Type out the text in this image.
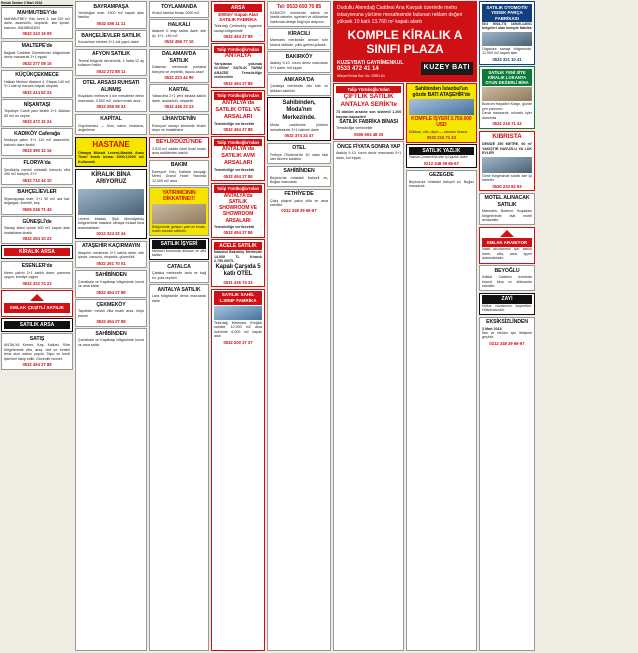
Emlak İlanları 3 Mart 2018
MAHMUTBEY'de
MAHMUTBEY Yolu üzeri 3. kat 120 m2 daire, asansörlü, otoparklı, site içinde, bakımlı. SAHİBİNDEN
0532 243 19 09
MALTEPE'de
Bağdat Caddesi Zümrütevler bölgesinde deniz manzaralı 3+1 eşyalı
0532 277 08 15
KÜÇÜKÇEKMECE
Halkalı Merkez Atakent 4. Etapta 140 m2 3+1 site içi havuzlu kapalı otopark
0532 414 62 24
NİŞANTAŞI
Teşvikiye Camii yanı kiralık 2+1 dükkan 55 m2 ön cephe
0533 472 32 24
KADIKÖY Caferağa
Moda'ya yakın 3+1 110 m2 asansörlü, bakımlı daire kiralık
0533 390 12 16
FLORYA'da
Şenlikköy mevkii müstakil havuzlu villa 450 m2 bahçeli, 5+2
0532 712 44 10
BAHÇELİEVLER
Siyavuşpaşa mah. 2+1 90 m2 ara kat, doğalgaz, kombili, boş
0505 246 71 45
GÜNEŞLİ'de
Sanayi sitesi içinde 600 m2 kapalı alan imalathane kiralık
0532 264 10 22
KİRALIK ARSA
ESENLER'de
Metro yakını 2+1 satılık daire, yatırıma uygun, krediye uygun
0532 322 74 22
EMLAK ÇEŞİTLİ SATILIK
SATILIK ARSA
SATIŞ
ANTALYA Kemer, Kaş, Kalkan, Side bölgelerinde villa, arsa, otel ve turistik tesis alım satımı yapılır. Tapu ve kredi işlemleri takip edilir. Güvenilir hizmet.
0532 494 27 88
BAYRAMPAŞA
Yenidoğan mah. 1500 m2 kapalı alan fabrika
0532 456 11 11
BAHÇELİEVLER SATILIK
Kocasinan merkez 3+1 full yapılı daire
AFYON SATILIK
Termal bölgede devremülk, 1 hafta 12 ay kullanım hakkı
0532 272 88 11
OTEL ARSASI RUHSATI ALINMIŞ
Kuşadası merkeze 4 km mesafede deniz manzaralı, 3.500 m2, turizm imarlı arsa
0533 266 08 33
KAPİTAL
Gayrimenkul — Alım, satım, kiralama, değerleme
HASTANE
Olmaya Müsait Levent-Maslak Arası Ticari İmarlı binası 6000-12000 m2 Kullanımlı
KİRALIK BİNA ARIYORUZ
Levent, Maslak, Şişli, Mecidiyeköy bölgelerinde hastane olmaya müsait bina aranmaktadır.
0212 324 22 44
ATAŞEHİR KAÇIRMAYIN
Ataşehir merkezde 2+1 satılık daire, site içinde, havuzlu, otoparklı, güvenlikli
0532 261 70 01
SAHİBİNDEN
Çamlıkale ve Kayabaşı bölgesinde konut ve arsa satılır
0532 494 27 88
ÇEKMEKÖY
Taşdelen mevkii villa imarlı arsa, köşe parsel
0532 494 27 88
SAHİBİNDEN
Çamlıkale ve Kayabaşı bölgesinde konut ve arsa satılır
TOYLAMANDA
Kiralık fabrika binası 2000 m2
HALKALI
Atakent 3. etap satılık daire, site içi, 3+1, 145 m2
0532 456 77 10
DALAMAN'DA SATILIK
Dalaman merkezde portakal bahçesi ve zeytinlik, tapulu arazi
0532 223 44 90
KARTAL
Yakacık'ta 2+1 yeni binada satılık daire, asansörlü, otoparklı
0532 446 23 23
LİHAN'DE'NİN
Esenyurt sanayi sitesinde kiralık depo ve imalathane
BEYLİKDÜZÜ'NDE
3.515 m2 cadde üzeri ticari imarlı arsa sahibinden satılık
BAKIM
Esenyurt Yolu, Kalfalar kavşağı Metro Grand Hotel Yanında 12.000 m2 arsa
YATIRIMCININ DİKKATİNE!!!
Bölgesinde gelişen yatırım fırsatı, imarlı arsalar satılıktır.
SATILIK İŞYERİ
Merkezi konumda dükkan ve ofis katları
CATALCA
Çatalca merkezde tarla ve bağ ev, yola cepheli
ANTALYA SATILIK
Lara bölgesinde deniz manzaralı daire
ARSA
3000m² Kapalı Alan SATILIK FABRİKA
Tekirdağ Çerkezköy organize sanayi bölgesinde
0532 494 27 88
Talip Yürükoğlu'ndan
ANTALYA
Yarışlanan yolunda 22.000m² SATILIK TARIM ARAZİSİ Temsilciliğe verilecektir
0532 494 27 88
Talip Yürükoğlu'ndan
ANTALYA'da SATILIK OTEL VE ARSALARI
Temsilciliğe verilecektir
0532 494 27 88
Talip Yürükoğlu'ndan
ANTALYA'da SATILIK AVM ARSALARI
Temsilciliğe verilecektir
0532 494 27 88
Talip Yürükoğlu'ndan
ANTALYA'da SATILIK SHOWROOM VE SHOWROOM ARSALARI
Temsilciliğe verilecektir
0532 494 27 88
ACELE SATILIK
İstanbul Bakırköy Merkezde 14.000 TL Kiracılı 2.750.000TL
Kapalı Çarşıda 5 katlı OTEL
0531 436 74 33
SATILIK SAHİL 1.SINIF FABRİKA
Tekirdağ Marmara Ereğlisi sahilde, 12.000 m2 arsa üzerinde 6.000 m2 kapalı alan
0532 200 37 37
Tel: 0533 693 70 85
KADIKÖY merkezde satılık ve kiralık daireler, işyerleri ve dükkanlar hakkında detaylı bilgi için arayınız.
KİRACILI
Marmaris merkezde denize sıfır kiracılı dükkan, yıllık getirisi yüksek
BAKIRKÖY
Ataköy 9-10. kısım deniz manzaralı 3+1 daire, full eşyalı
ANKARA'DA
Çankaya merkezde ofis katı ve dükkan satılıktır
Sahibinden, Moda'nın Merkezinde.
Moda caddesine yürüme mesafesinde 3+1 bakımlı daire
0532 374 24 47
OTEL
Fethiye Ölüdeniz'de 40 odalı faal otel devren satılıktır
SAHİBİNDEN
Beykoz'da müstakil bahçeli ev, Boğaz manzaralı
FETHİYE'DE
Çalış plajına yakın villa ve arsa satılıktır
0212 348 39 66-67
Dudullu Alemdağ Caddesi Ana Kavşak üzerinde metro istasyonuna yürüme mesafesinde bulunan reklam değeri yüksek 10 katlı 13.760 m² kapalı alanlı
KOMPLE KİRALIK A SINIFI PLAZA
KUZEYBATI GAYRİMENKUL
0533 472 41 14
Müriyet Emlak Rsz. No: 25991-84
KUZEY BATI
Talip Yürükoğlu'ndan
ÇİFTLİK SATILIK ANTALYA SERİK'te
73 dönüm arazide son sistemli 1.200 hayvan kapasiteli
SATILIK FABRİKA BİNASI
Temsilciliğe verilecektir
0506 604 48 33
ÖNCE FİYATA SONRA YAP
Ataköy 9-10. kısım deniz manzaralı 3+1 daire, full eşyalı
Sahibinden İstanbul'un gözde BATI ATAŞEHİR'de
KOMPLE İŞYERİ 3.750.000 USD
Dükkan, ofis, depo — tamamı kiracılı
0532 216 71 43
SATILIK YAZLIK
Yalova Çınarcık'ta site içi yazlık daire
0212 348 39 66-67
GEZEGDE
Beykoz'da müstakil bahçeli ev, Boğaz manzaralı
SATILIK OTOMOTİV YEDEK PARÇA FABRİKASI
ISO 9001-TS 16949-14001 belgeleri olan komple fabrika
Organize sanayi bölgesinde, 12.000 m2 kapalı alan
0533 321 10 41
SATILIK YENİ SİTE KİRALIK LOKANTA OYUN DEĞERLİ BİNA
Bodrum Hayalleri Kargo, gözde yeri yatırımcı
Deniz manzaralı, ruhsatlı, işler durumda
0532 216 71 43
KIBRISTA
DENİZE 250 METRE, 60 m² YAKIŞTIR HAVUZLU YA LÜK EVLER
Girne bölgesinde satılık site içi daireler
0530 232 82 93
MOTEL ALINACAK SATILIK
Marmaris, Bodrum, Kuşadası bölgelerinde faal motel alınacaktır.
EMLAK ARANIYOR
Nakit alıcılarımız için satılık daire, villa, arsa, işyeri aranmaktadır.
BEYOĞLU
İstiklal Caddesi üzerinde kiracılı bina ve dükkanlar satılıktır.
ZAYİ
Nüfus cüzdanımı kaybettim. Hükümsüzdür.
EKSİKSİZLİNDEN
3 Mart 2018
İlan ve reklam için iletişime geçiniz.
0212 348 39 66-67
